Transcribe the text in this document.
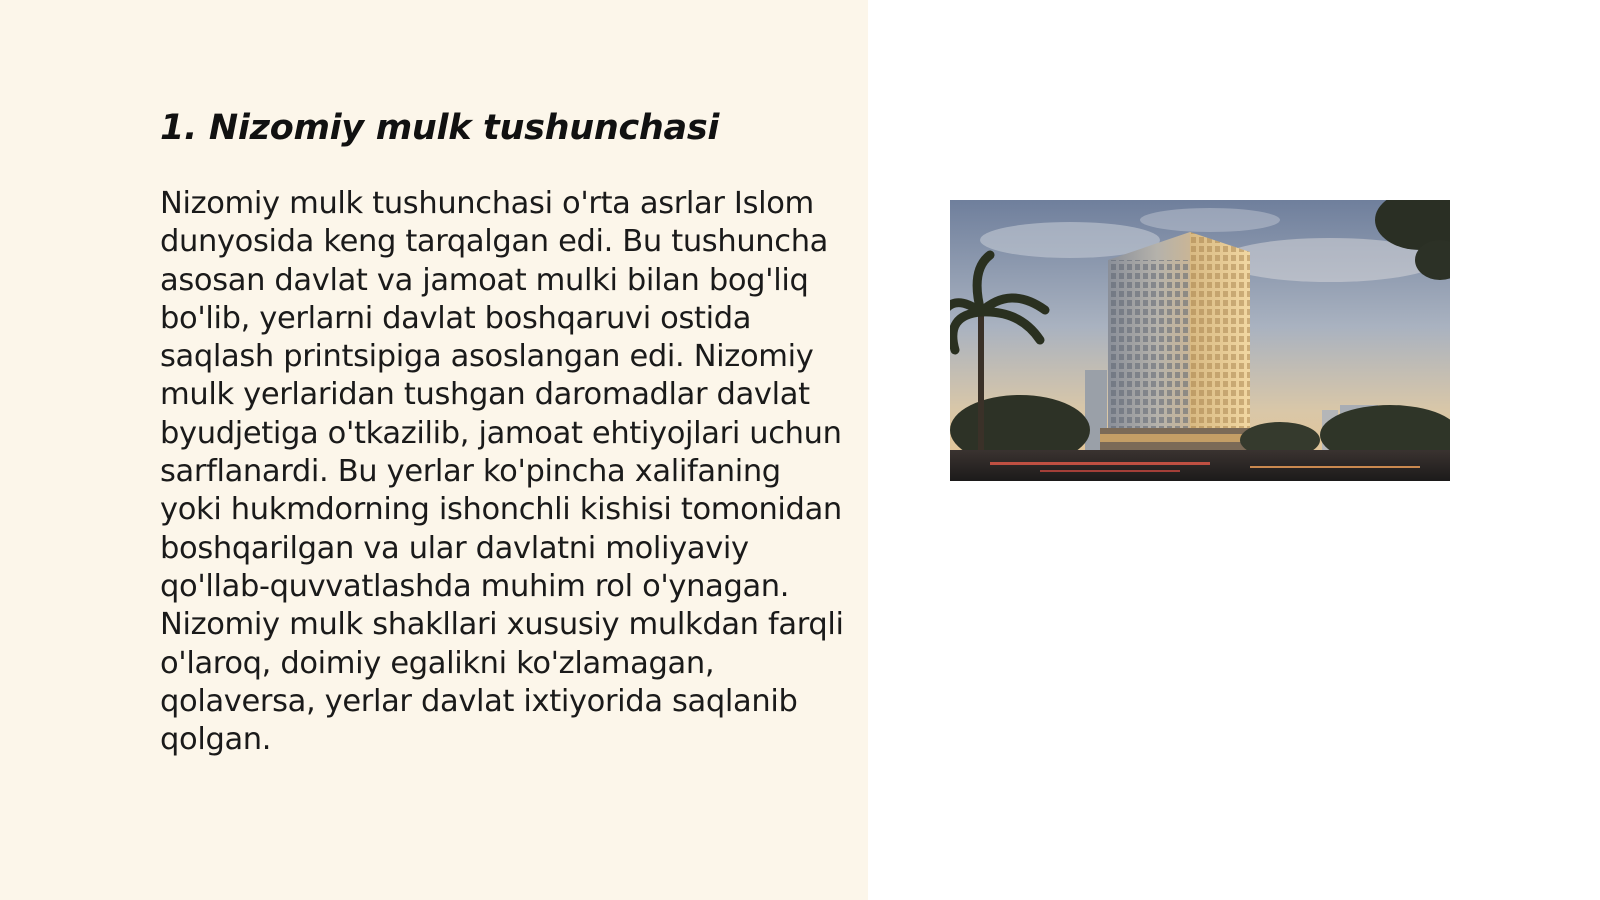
1. Nizomiy mulk tushunchasi

Nizomiy mulk tushunchasi o'rta asrlar Islom dunyosida keng tarqalgan edi. Bu tushuncha asosan davlat va jamoat mulki bilan bog'liq bo'lib, yerlarni davlat boshqaruvi ostida saqlash printsipiga asoslangan edi. Nizomiy mulk yerlaridan tushgan daromadlar davlat byudjetiga o'tkazilib, jamoat ehtiyojlari uchun sarflanardi. Bu yerlar ko'pincha xalifaning yoki hukmdorning ishonchli kishisi tomonidan boshqarilgan va ular davlatni moliyaviy qo'llab-quvvatlashda muhim rol o'ynagan. Nizomiy mulk shakllari xususiy mulkdan farqli o'laroq, doimiy egalikni ko'zlamagan, qolaversa, yerlar davlat ixtiyorida saqlanib qolgan.
